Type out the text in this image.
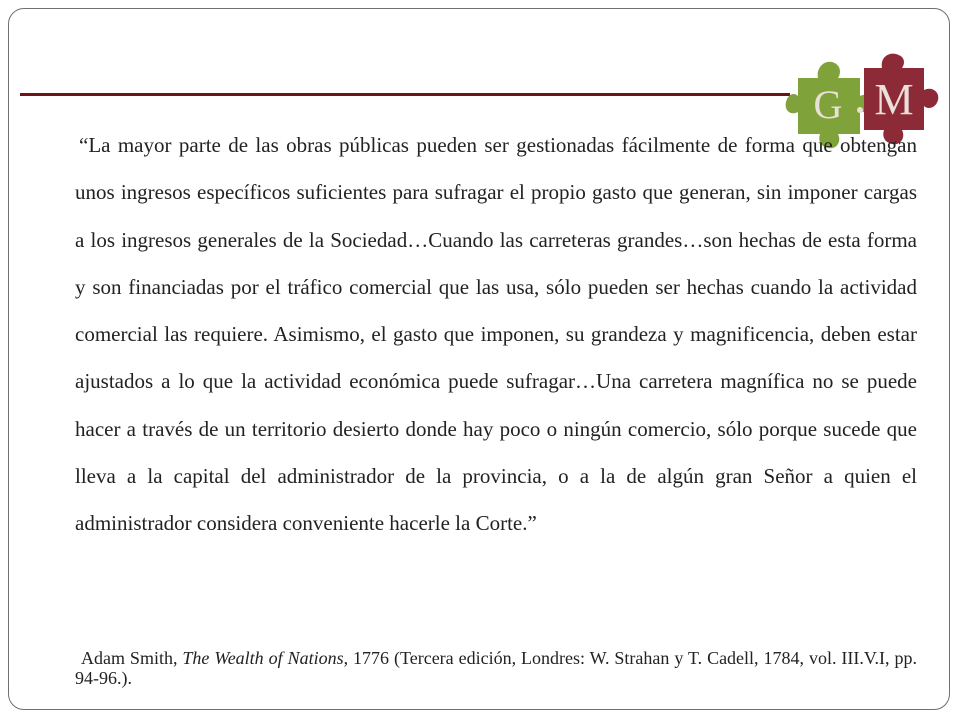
G M

“La mayor parte de las obras públicas pueden ser gestionadas fácilmente de forma que obtengan unos ingresos específicos suficientes para sufragar el propio gasto que generan, sin imponer cargas a los ingresos generales de la Sociedad…Cuando las carreteras grandes…son hechas de esta forma y son financiadas por el tráfico comercial que las usa, sólo pueden ser hechas cuando la actividad comercial las requiere. Asimismo, el gasto que imponen, su grandeza y magnificencia, deben estar ajustados a lo que la actividad económica puede sufragar…Una carretera magnífica no se puede hacer a través de un territorio desierto donde hay poco o ningún comercio, sólo porque sucede que lleva a la capital del administrador de la provincia, o a la de algún gran Señor a quien el administrador considera conveniente hacerle la Corte.”

Adam Smith, The Wealth of Nations, 1776 (Tercera edición, Londres: W. Strahan y T. Cadell, 1784, vol. III.V.I, pp. 94-96.).
